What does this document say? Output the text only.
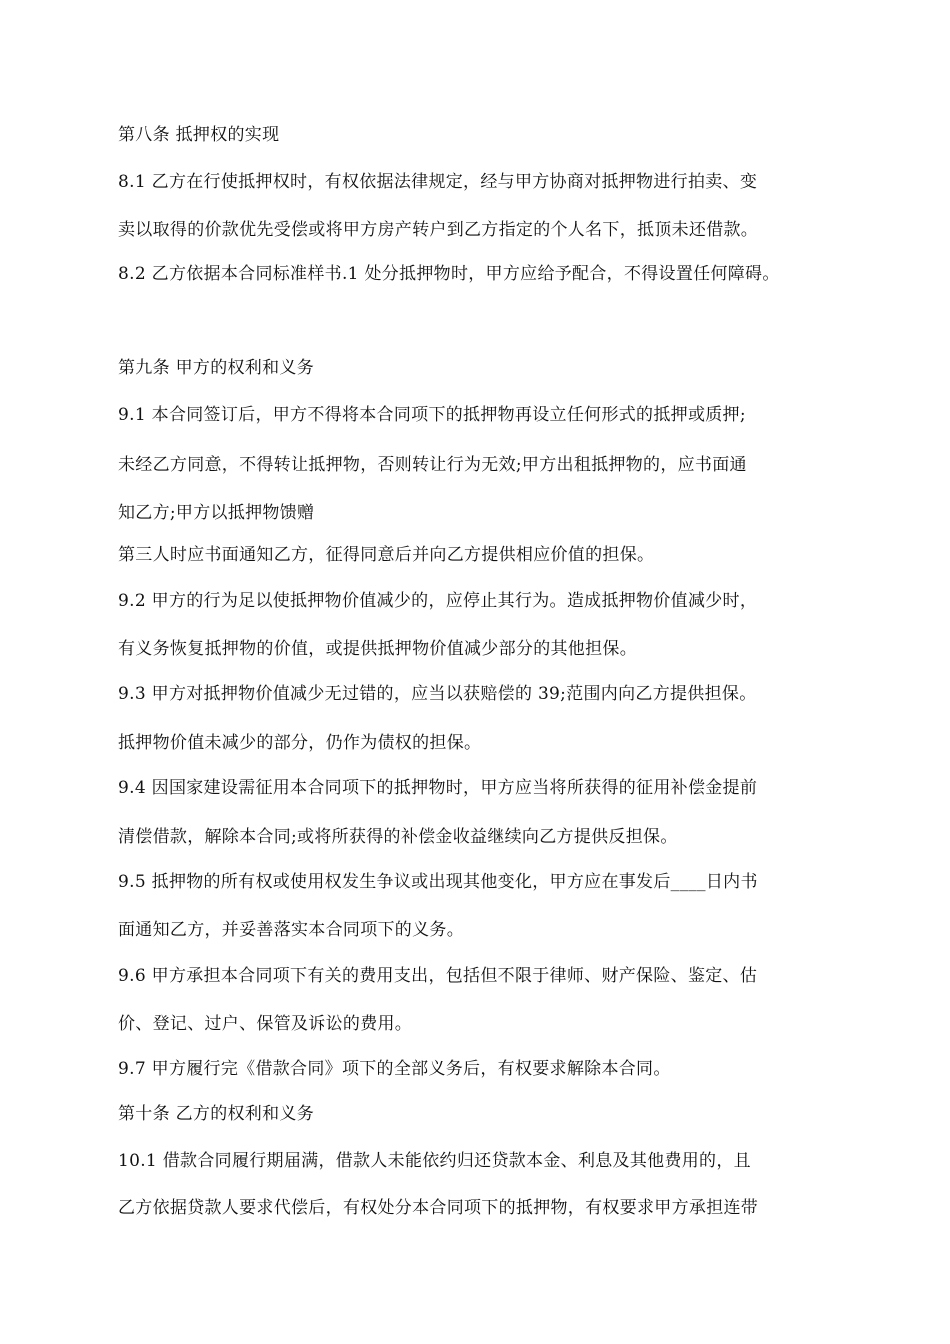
第八条 抵押权的实现
8.1 乙方在行使抵押权时，有权依据法律规定，经与甲方协商对抵押物进行拍卖、变
卖以取得的价款优先受偿或将甲方房产转户到乙方指定的个人名下，抵顶未还借款。
8.2 乙方依据本合同标准样书.1 处分抵押物时，甲方应给予配合，不得设置任何障碍。
第九条 甲方的权利和义务
9.1 本合同签订后，甲方不得将本合同项下的抵押物再设立任何形式的抵押或质押;
未经乙方同意，不得转让抵押物，否则转让行为无效;甲方出租抵押物的，应书面通
知乙方;甲方以抵押物馈赠
第三人时应书面通知乙方，征得同意后并向乙方提供相应价值的担保。
9.2 甲方的行为足以使抵押物价值减少的，应停止其行为。造成抵押物价值减少时，
有义务恢复抵押物的价值，或提供抵押物价值减少部分的其他担保。
9.3 甲方对抵押物价值减少无过错的，应当以获赔偿的 39;范围内向乙方提供担保。
抵押物价值未减少的部分，仍作为债权的担保。
9.4 因国家建设需征用本合同项下的抵押物时，甲方应当将所获得的征用补偿金提前
清偿借款，解除本合同;或将所获得的补偿金收益继续向乙方提供反担保。
9.5 抵押物的所有权或使用权发生争议或出现其他变化，甲方应在事发后____日内书
面通知乙方，并妥善落实本合同项下的义务。
9.6 甲方承担本合同项下有关的费用支出，包括但不限于律师、财产保险、鉴定、估
价、登记、过户、保管及诉讼的费用。
9.7 甲方履行完《借款合同》项下的全部义务后，有权要求解除本合同。
第十条 乙方的权利和义务
10.1 借款合同履行期届满，借款人未能依约归还贷款本金、利息及其他费用的，且
乙方依据贷款人要求代偿后，有权处分本合同项下的抵押物，有权要求甲方承担连带
